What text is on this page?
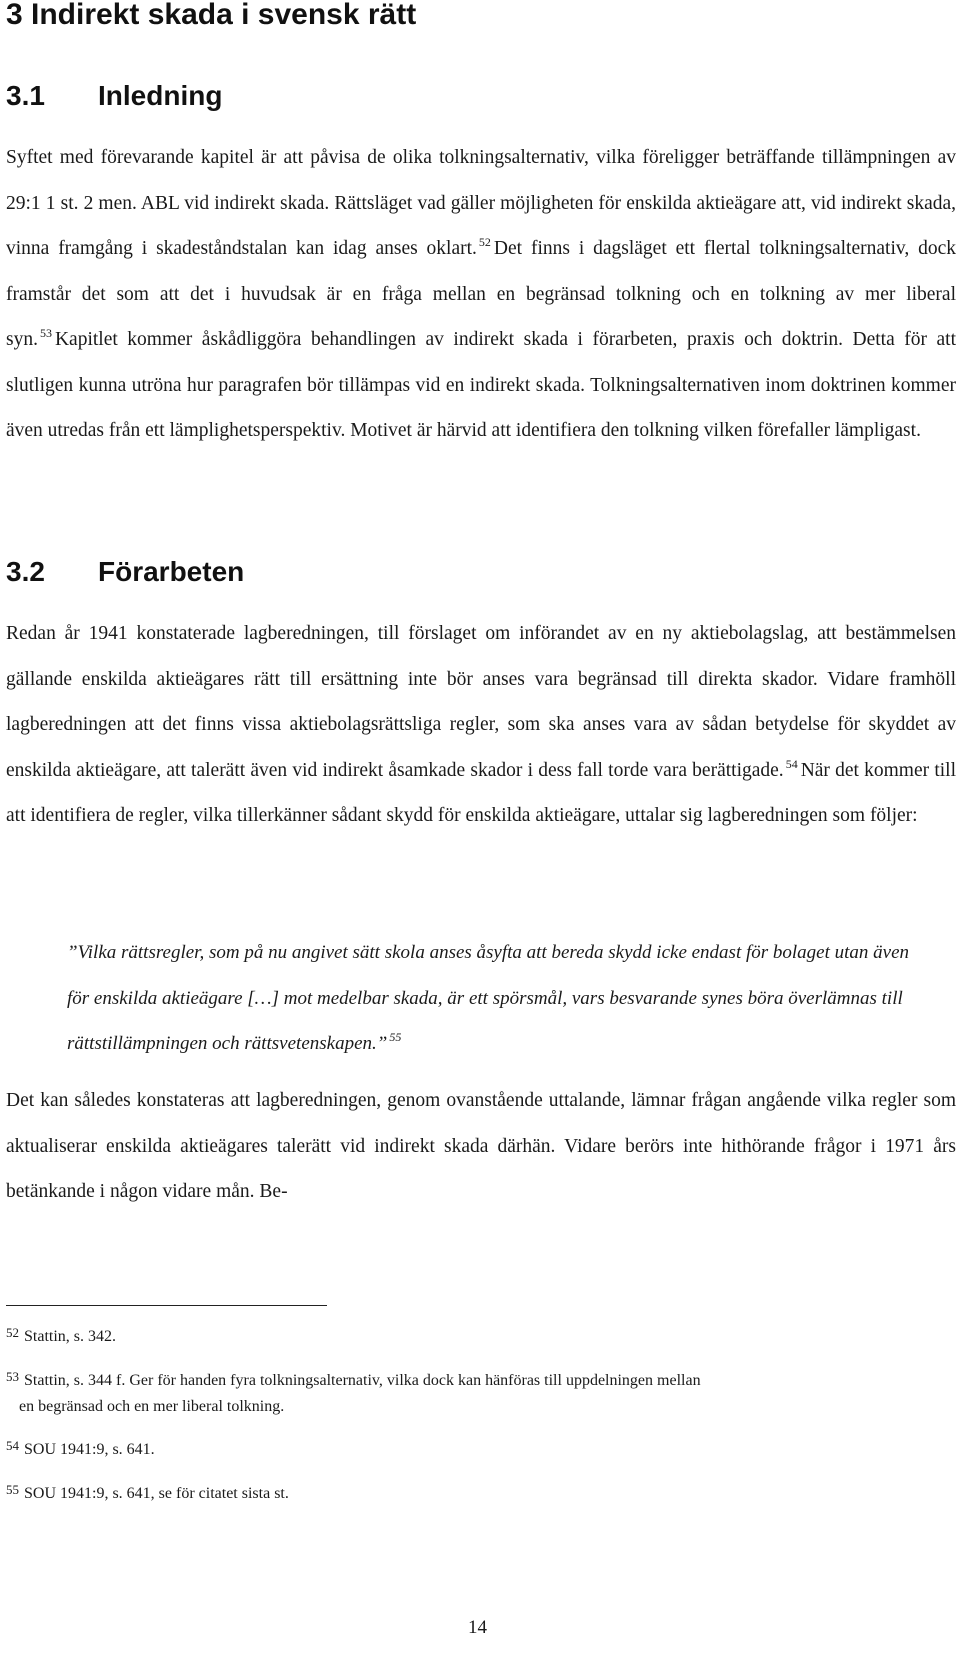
3 Indirekt skada i svensk rätt
3.1 Inledning

Syftet med förevarande kapitel är att påvisa de olika tolkningsalternativ, vilka föreligger beträffande tillämpningen av 29:1 1 st. 2 men. ABL vid indirekt skada. Rättsläget vad gäller möjligheten för enskilda aktieägare att, vid indirekt skada, vinna framgång i skadeståndstalan kan idag anses oklart. $^{52}$ Det finns i dagsläget ett flertal tolkningsalternativ, dock framstår det som att det i huvudsak är en fråga mellan en begränsad tolkning och en tolkning av mer liberal syn. $^{53}$ Kapitlet kommer åskådliggöra behandlingen av indirekt skada i förarbeten, praxis och doktrin. Detta för att slutligen kunna utröna hur paragrafen bör tillämpas vid en indirekt skada. Tolkningsalternativen inom doktrinen kommer även utredas från ett lämplighetsperspektiv. Motivet är härvid att identifiera den tolkning vilken förefaller lämpligast.

3.2 Förarbeten

Redan år 1941 konstaterade lagberedningen, till förslaget om införandet av en ny aktiebolagslag, att bestämmelsen gällande enskilda aktieägares rätt till ersättning inte bör anses vara begränsad till direkta skador. Vidare framhöll lagberedningen att det finns vissa aktiebolagsrättsliga regler, som ska anses vara av sådan betydelse för skyddet av enskilda aktieägare, att talerätt även vid indirekt åsamkade skador i dess fall torde vara berättigade. $^{54}$ När det kommer till att identifiera de regler, vilka tillerkänner sådant skydd för enskilda aktieägare, uttalar sig lagberedningen som följer:

”Vilka rättsregler, som på nu angivet sätt skola anses åsyfta att bereda skydd icke endast för bolaget utan även för enskilda aktieägare […] mot medelbar skada, är ett spörsmål, vars besvarande synes böra överlämnas till rättstillämpningen och rättsvetenskapen.” $^{55}$

Det kan således konstateras att lagberedningen, genom ovanstående uttalande, lämnar frågan angående vilka regler som aktualiserar enskilda aktieägares talerätt vid indirekt skada därhän. Vidare berörs inte hithörande frågor i 1971 års betänkande i någon vidare mån. Be-

52 Stattin, s. 342.
53 Stattin, s. 344 f. Ger för handen fyra tolkningsalternativ, vilka dock kan hänföras till uppdelningen mellan
en begränsad och en mer liberal tolkning.
54 SOU 1941:9, s. 641.
55 SOU 1941:9, s. 641, se för citatet sista st.
14
